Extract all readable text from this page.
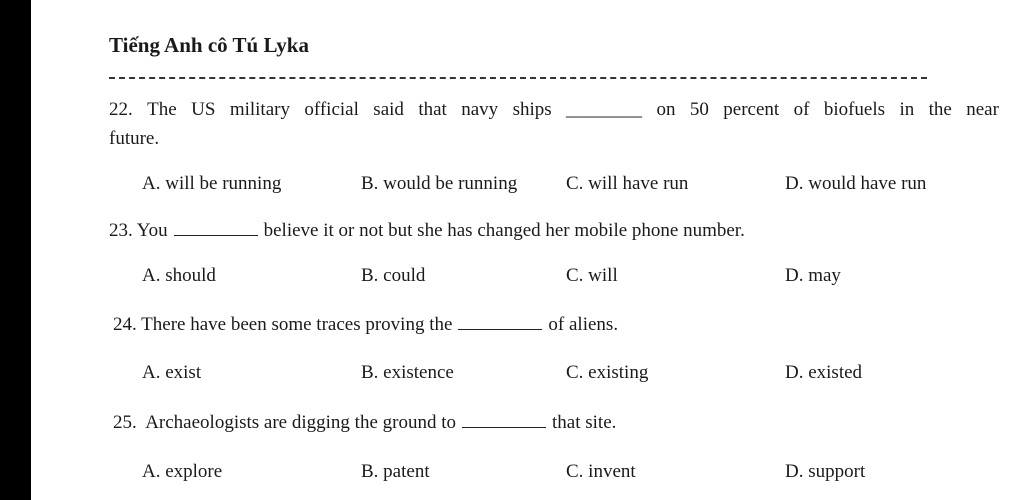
Tiếng Anh cô Tú Lyka
22. The US military official said that navy ships ________ on 50 percent of biofuels in the near
future.
A. will be running	B. would be running	C. will have run	D. would have run
23. You	believe it or not but she has changed her mobile phone number.
A. should	B. could	C. will	D. may
24. There have been some traces proving the	of aliens.
A. exist	B. existence	C. existing	D. existed
25.  Archaeologists are digging the ground to	that site.
A. explore	B. patent	C. invent	D. support
